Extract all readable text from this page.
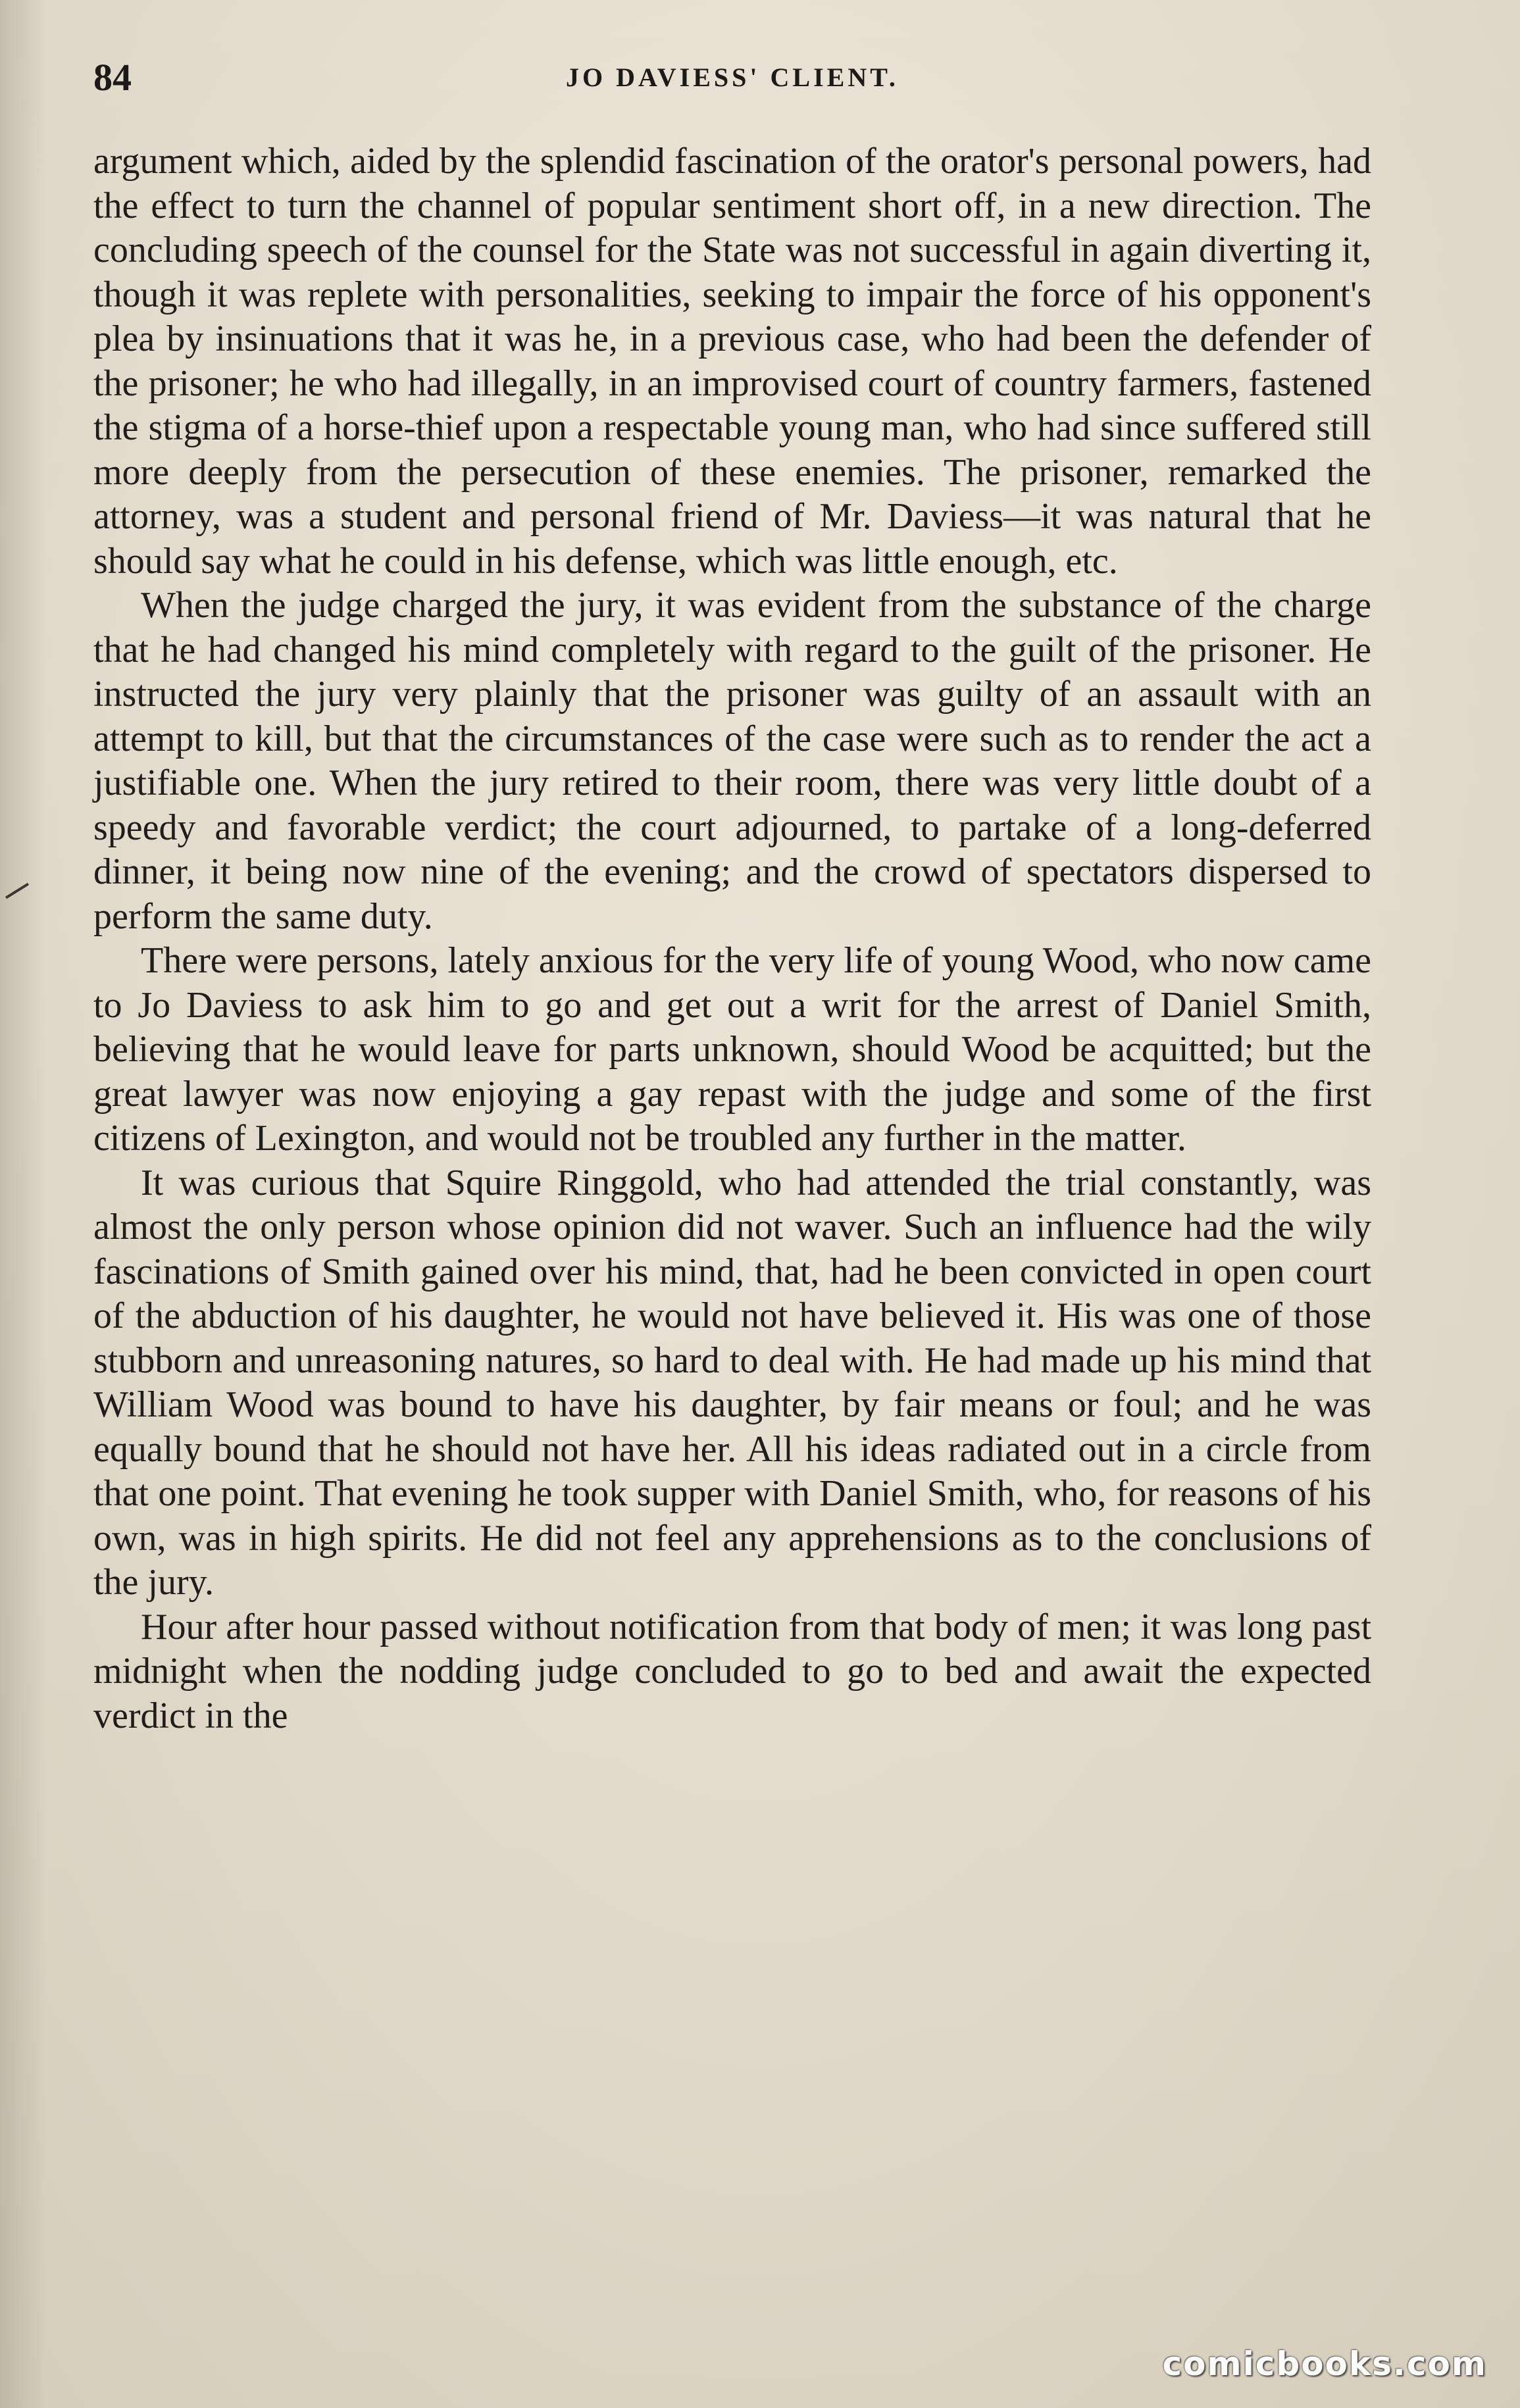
84	JO DAVIESS' CLIENT.

argument which, aided by the splendid fascination of the orator's personal powers, had the effect to turn the channel of popular sentiment short off, in a new direction. The concluding speech of the counsel for the State was not successful in again diverting it, though it was replete with personalities, seeking to impair the force of his opponent's plea by insinuations that it was he, in a previous case, who had been the defender of the prisoner; he who had illegally, in an improvised court of country farmers, fastened the stigma of a horse-thief upon a respectable young man, who had since suffered still more deeply from the persecution of these enemies. The prisoner, remarked the attorney, was a student and personal friend of Mr. Daviess—it was natural that he should say what he could in his defense, which was little enough, etc.

When the judge charged the jury, it was evident from the substance of the charge that he had changed his mind completely with regard to the guilt of the prisoner. He instructed the jury very plainly that the prisoner was guilty of an assault with an attempt to kill, but that the circumstances of the case were such as to render the act a justifiable one. When the jury retired to their room, there was very little doubt of a speedy and favorable verdict; the court adjourned, to partake of a long-deferred dinner, it being now nine of the evening; and the crowd of spectators dispersed to perform the same duty.

There were persons, lately anxious for the very life of young Wood, who now came to Jo Daviess to ask him to go and get out a writ for the arrest of Daniel Smith, believing that he would leave for parts unknown, should Wood be acquitted; but the great lawyer was now enjoying a gay repast with the judge and some of the first citizens of Lexington, and would not be troubled any further in the matter.

It was curious that Squire Ringgold, who had attended the trial constantly, was almost the only person whose opinion did not waver. Such an influence had the wily fascinations of Smith gained over his mind, that, had he been convicted in open court of the abduction of his daughter, he would not have believed it. His was one of those stubborn and unreasoning natures, so hard to deal with. He had made up his mind that William Wood was bound to have his daughter, by fair means or foul; and he was equally bound that he should not have her. All his ideas radiated out in a circle from that one point. That evening he took supper with Daniel Smith, who, for reasons of his own, was in high spirits. He did not feel any apprehensions as to the conclusions of the jury.

Hour after hour passed without notification from that body of men; it was long past midnight when the nodding judge concluded to go to bed and await the expected verdict in the

comicbooks.com
